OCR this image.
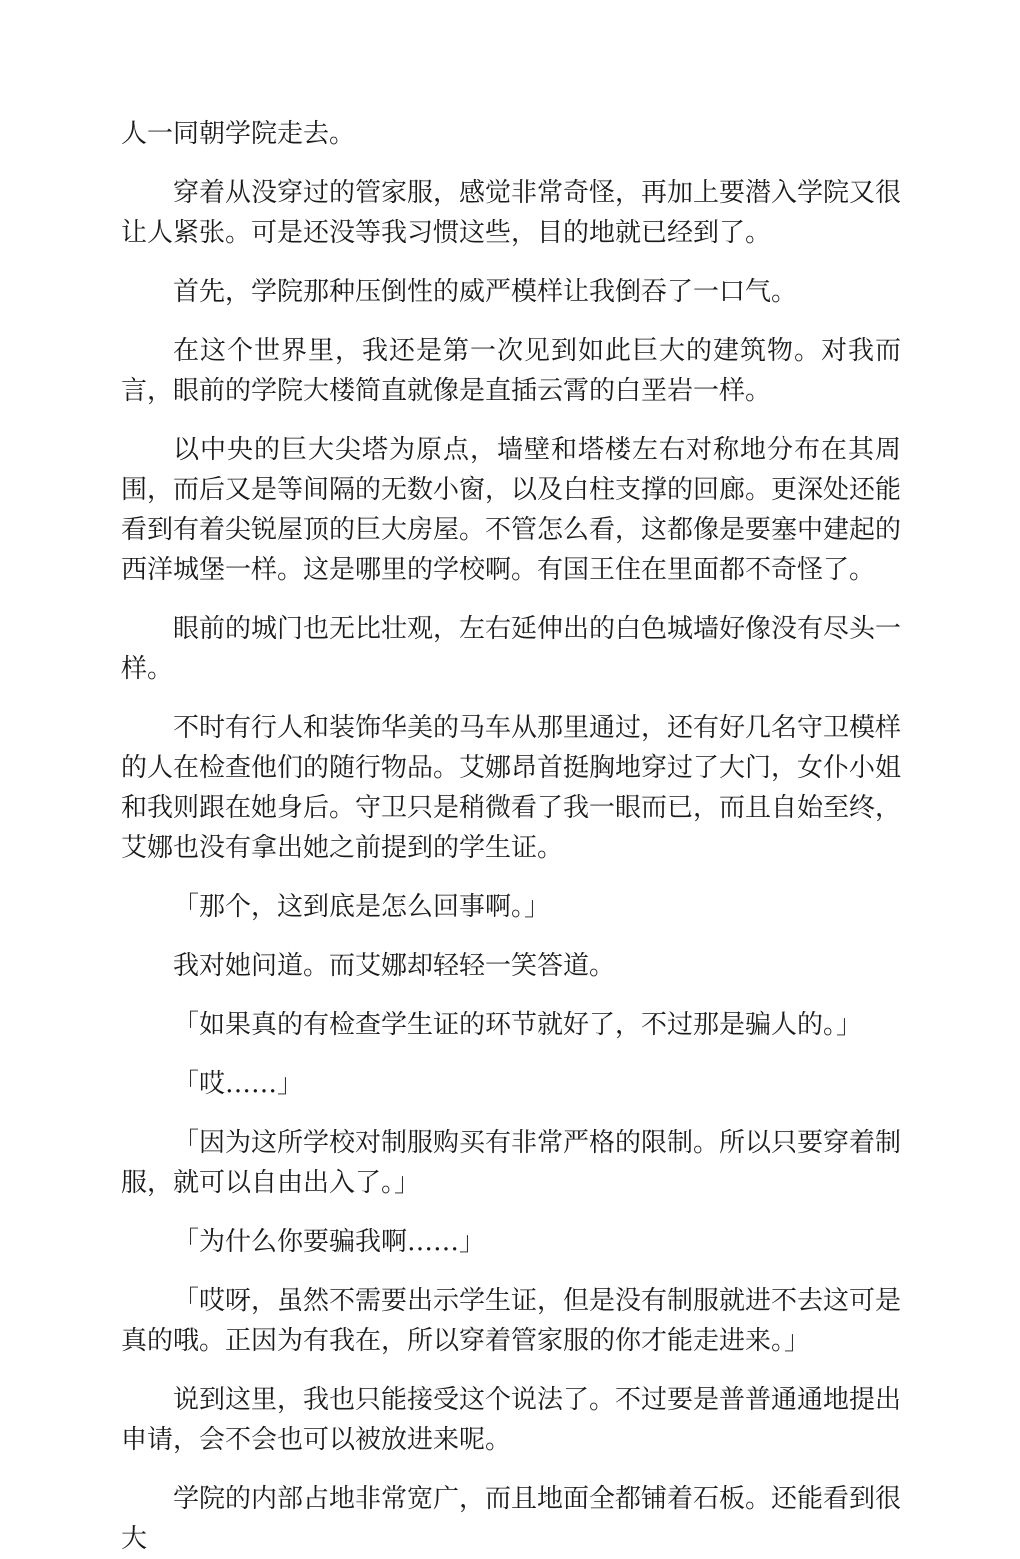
人一同朝学院走去。

穿着从没穿过的管家服，感觉非常奇怪，再加上要潜入学院又很让人紧张。可是还没等我习惯这些，目的地就已经到了。

首先，学院那种压倒性的威严模样让我倒吞了一口气。

在这个世界里，我还是第一次见到如此巨大的建筑物。对我而言，眼前的学院大楼简直就像是直插云霄的白垩岩一样。

以中央的巨大尖塔为原点，墙壁和塔楼左右对称地分布在其周围，而后又是等间隔的无数小窗，以及白柱支撑的回廊。更深处还能看到有着尖锐屋顶的巨大房屋。不管怎么看，这都像是要塞中建起的西洋城堡一样。这是哪里的学校啊。有国王住在里面都不奇怪了。

眼前的城门也无比壮观，左右延伸出的白色城墙好像没有尽头一样。

不时有行人和装饰华美的马车从那里通过，还有好几名守卫模样的人在检查他们的随行物品。艾娜昂首挺胸地穿过了大门，女仆小姐和我则跟在她身后。守卫只是稍微看了我一眼而已，而且自始至终，艾娜也没有拿出她之前提到的学生证。

「那个，这到底是怎么回事啊。」

我对她问道。而艾娜却轻轻一笑答道。

「如果真的有检查学生证的环节就好了，不过那是骗人的。」

「哎……」

「因为这所学校对制服购买有非常严格的限制。所以只要穿着制服，就可以自由出入了。」

「为什么你要骗我啊……」

「哎呀，虽然不需要出示学生证，但是没有制服就进不去这可是真的哦。正因为有我在，所以穿着管家服的你才能走进来。」

说到这里，我也只能接受这个说法了。不过要是普普通通地提出申请，会不会也可以被放进来呢。

学院的内部占地非常宽广，而且地面全都铺着石板。还能看到很大
